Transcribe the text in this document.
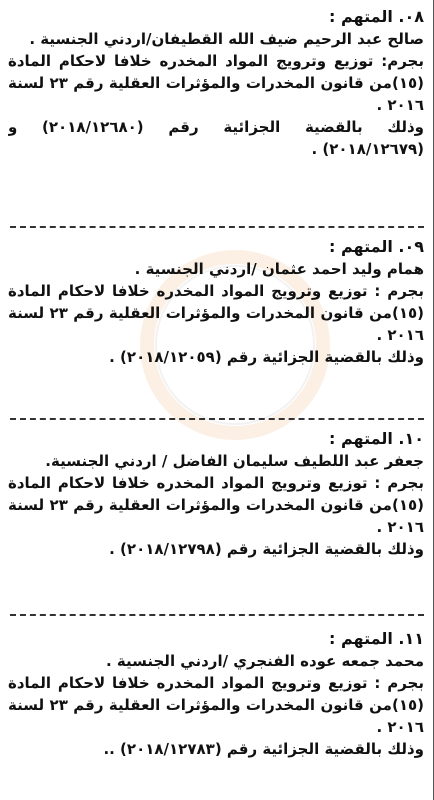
٠٨. المتهم :
صالح عبد الرحيم ضيف الله القطيفان/اردني الجنسية .
بجرم: توزيع وترويج المواد المخدره خلافا لاحكام المادة
(١٥)من قانون المخدرات والمؤثرات العقلية رقم ٢٣ لسنة
٢٠١٦ .
وذلك بالقضية الجزائية رقم (٢٠١٨/١٢٦٨٠) و
(٢٠١٨/١٢٦٧٩) .
٠٩. المتهم :
همام وليد احمد عثمان /اردني الجنسية .
بجرم : توزيع وترويج المواد المخدره خلافا لاحكام المادة
(١٥)من قانون المخدرات والمؤثرات العقلية رقم ٢٣ لسنة
٢٠١٦ .
وذلك بالقضية الجزائية رقم (٢٠١٨/١٢٠٥٩) .
١٠. المتهم :
جعفر عبد اللطيف سليمان الفاضل / اردني الجنسية.
بجرم : توزيع وترويج المواد المخدره خلافا لاحكام المادة
(١٥)من قانون المخدرات والمؤثرات العقلية رقم ٢٣ لسنة
٢٠١٦ .
وذلك بالقضية الجزائية رقم (٢٠١٨/١٢٧٩٨) .
١١. المتهم :
محمد جمعه عوده الفنجري /اردني الجنسية .
بجرم : توزيع وترويج المواد المخدره خلافا لاحكام المادة
(١٥)من قانون المخدرات والمؤثرات العقلية رقم ٢٣ لسنة
٢٠١٦ .
وذلك بالقضية الجزائية رقم (٢٠١٨/١٢٧٨٣) ..
